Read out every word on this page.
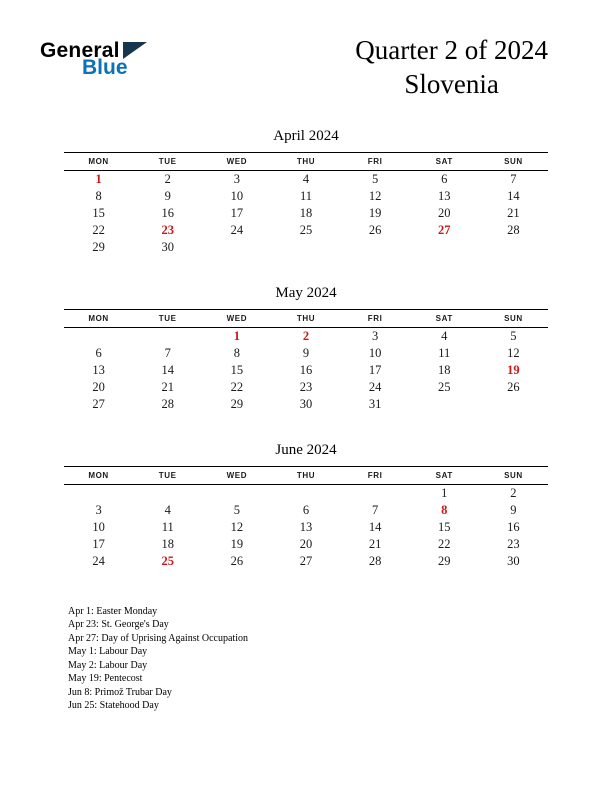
General
Blue
Quarter 2 of 2024
Slovenia
April 2024
MON	TUE	WED	THU	FRI	SAT	SUN
1	2	3	4	5	6	7
8	9	10	11	12	13	14
15	16	17	18	19	20	21
22	23	24	25	26	27	28
29	30					
May 2024
MON	TUE	WED	THU	FRI	SAT	SUN
		1	2	3	4	5
6	7	8	9	10	11	12
13	14	15	16	17	18	19
20	21	22	23	24	25	26
27	28	29	30	31		
June 2024
MON	TUE	WED	THU	FRI	SAT	SUN
					1	2
3	4	5	6	7	8	9
10	11	12	13	14	15	16
17	18	19	20	21	22	23
24	25	26	27	28	29	30
Apr 1: Easter Monday
Apr 23: St. George's Day
Apr 27: Day of Uprising Against Occupation
May 1: Labour Day
May 2: Labour Day
May 19: Pentecost
Jun 8: Primož Trubar Day
Jun 25: Statehood Day
